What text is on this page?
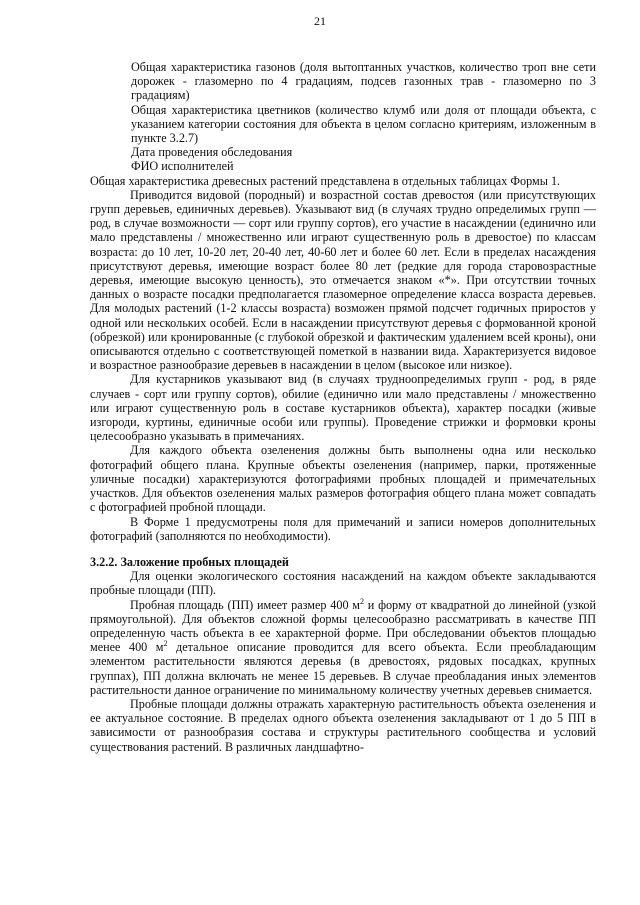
21

Общая характеристика газонов (доля вытоптанных участков, количество троп вне сети дорожек - глазомерно по 4 градациям, подсев газонных трав - глазомерно по 3 градациям)

Общая характеристика цветников (количество клумб или доля от площади объекта, с указанием категории состояния для объекта в целом согласно критериям, изложенным в пункте 3.2.7)

Дата проведения обследования

ФИО исполнителей

Общая характеристика древесных растений представлена в отдельных таблицах Формы 1.

Приводится видовой (породный) и возрастной состав древостоя (или присутствующих групп деревьев, единичных деревьев). Указывают вид (в случаях трудно определимых групп — род, в случае возможности — сорт или группу сортов), его участие в насаждении (единично или мало представлены / множественно или играют существенную роль в древостое) по классам возраста: до 10 лет, 10-20 лет, 20-40 лет, 40-60 лет и более 60 лет. Если в пределах насаждения присутствуют деревья, имеющие возраст более 80 лет (редкие для города старовозрастные деревья, имеющие высокую ценность), это отмечается знаком «*». При отсутствии точных данных о возрасте посадки предполагается глазомерное определение класса возраста деревьев. Для молодых растений (1-2 классы возраста) возможен прямой подсчет годичных приростов у одной или нескольких особей. Если в насаждении присутствуют деревья с формованной кроной (обрезкой) или кронированные (с глубокой обрезкой и фактическим удалением всей кроны), они описываются отдельно с соответствующей пометкой в названии вида. Характеризуется видовое и возрастное разнообразие деревьев в насаждении в целом (высокое или низкое).

Для кустарников указывают вид (в случаях трудноопределимых групп - род, в ряде случаев - сорт или группу сортов), обилие (единично или мало представлены / множественно или играют существенную роль в составе кустарников объекта), характер посадки (живые изгороди, куртины, единичные особи или группы). Проведение стрижки и формовки кроны целесообразно указывать в примечаниях.

Для каждого объекта озеленения должны быть выполнены одна или несколько фотографий общего плана. Крупные объекты озеленения (например, парки, протяженные уличные посадки) характеризуются фотографиями пробных площадей и примечательных участков. Для объектов озеленения малых размеров фотография общего плана может совпадать с фотографией пробной площади.

В Форме 1 предусмотрены поля для примечаний и записи номеров дополнительных фотографий (заполняются по необходимости).

3.2.2. Заложение пробных площадей

Для оценки экологического состояния насаждений на каждом объекте закладываются пробные площади (ПП).

Пробная площадь (ПП) имеет размер 400 $м^2$ и форму от квадратной до линейной (узкой прямоугольной). Для объектов сложной формы целесообразно рассматривать в качестве ПП определенную часть объекта в ее характерной форме. При обследовании объектов площадью менее 400 $м^2$ детальное описание проводится для всего объекта. Если преобладающим элементом растительности являются деревья (в древостоях, рядовых посадках, крупных группах), ПП должна включать не менее 15 деревьев. В случае преобладания иных элементов растительности данное ограничение по минимальному количеству учетных деревьев снимается.

Пробные площади должны отражать характерную растительность объекта озеленения и ее актуальное состояние. В пределах одного объекта озеленения закладывают от 1 до 5 ПП в зависимости от разнообразия состава и структуры растительного сообщества и условий существования растений. В различных ландшафтно-
